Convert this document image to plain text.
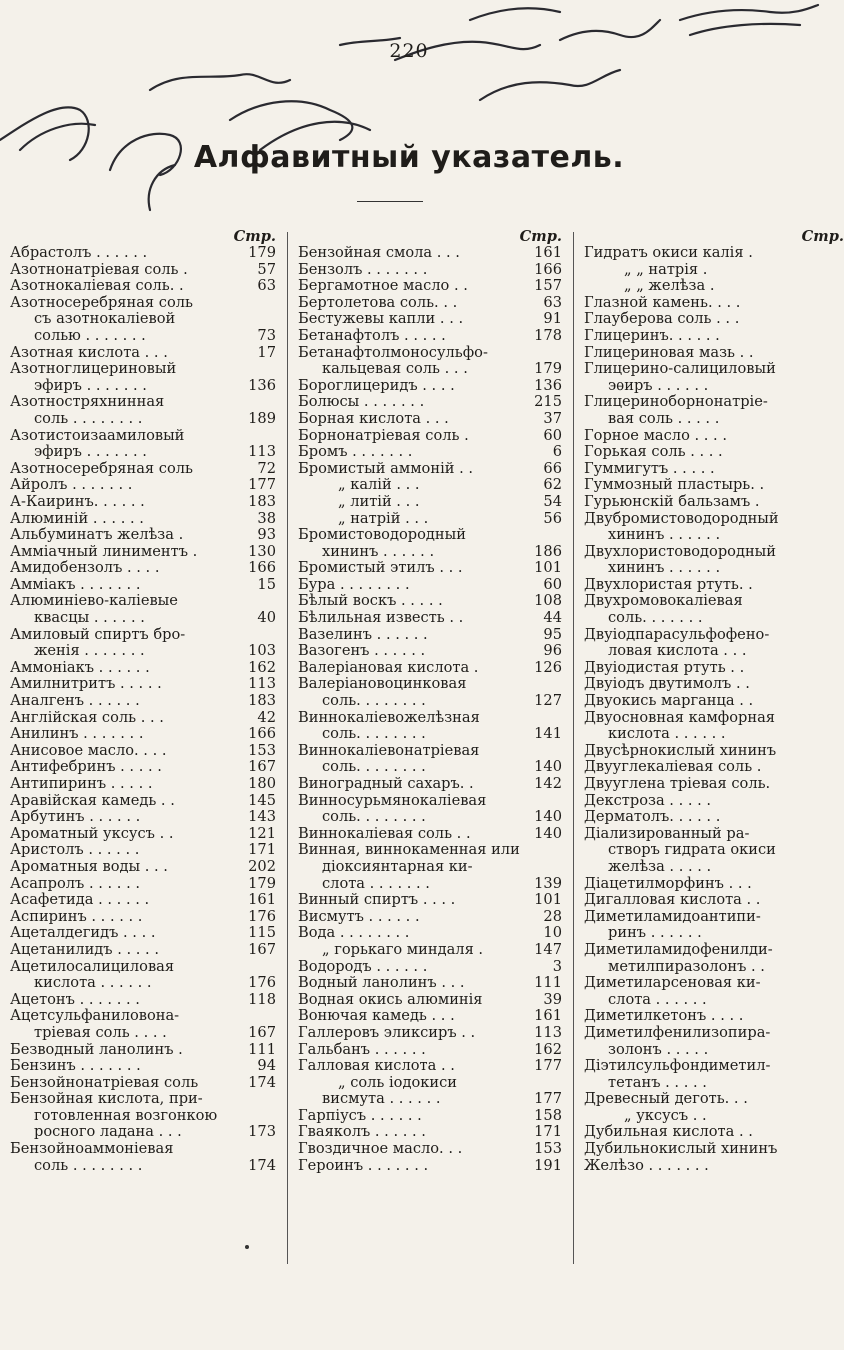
220
Алфавитный указатель.
Стр.
Абрастолъ . . . . . .	179
Азотнонатріевая соль .	57
Азотнокаліевая соль. .	63
Азотносеребряная соль
съ азотнокаліевой
солью . . . . . . .	73
Азотная кислота . . .	17
Азотноглицериновый
эфиръ . . . . . . .	136
Азотностряхнинная
соль . . . . . . . .	189
Азотистоизаамиловый
эфиръ . . . . . . .	113
Азотносеребряная соль	72
Айролъ . . . . . . .	177
А-Каиринъ. . . . . .	183
Алюминій . . . . . .	38
Альбуминатъ желѣза .	93
Амміачный линиментъ .	130
Амидобензолъ . . . .	166
Амміакъ . . . . . . .	15
Алюминіево-каліевые
квасцы . . . . . .	40
Амиловый спиртъ бро-
женія . . . . . . .	103
Аммоніакъ . . . . . .	162
Амилнитритъ . . . . .	113
Аналгенъ . . . . . .	183
Англійская соль . . .	42
Анилинъ . . . . . . .	166
Анисовое масло. . . .	153
Антифебринъ . . . . .	167
Антипиринъ . . . . .	180
Аравійская камедь . .	145
Арбутинъ . . . . . .	143
Ароматный уксусъ . .	121
Аристолъ . . . . . .	171
Ароматныя воды . . .	202
Асапролъ . . . . . .	179
Асафетида . . . . . .	161
Аспиринъ . . . . . .	176
Ацеталдегидъ . . . .	115
Ацетанилидъ . . . . .	167
Ацетилосалициловая
кислота . . . . . .	176
Ацетонъ . . . . . . .	118
Ацетсульфаниловона-
тріевая соль . . . .	167
Безводный ланолинъ .	111
Бензинъ . . . . . . .	94
Бензойнонатріевая соль	174
Бензойная кислота, при-
готовленная возгонкою
росного ладана . . .	173
Бензойноаммоніевая
соль . . . . . . . .	174
Стр.
Бензойная смола . . .	161
Бензолъ . . . . . . .	166
Бергамотное масло . .	157
Бертолетова соль. . .	63
Бестужевы капли . . .	91
Бетанафтолъ . . . . .	178
Бетанафтолмоносульфо-
кальцевая соль . . .	179
Бороглицеридъ . . . .	136
Болюсы . . . . . . .	215
Борная кислота . . .	37
Борнонатріевая соль .	60
Бромъ . . . . . . .	6
Бромистый аммоній . .	66
„ калій . . .	62
„ литій . . .	54
„ натрій . . .	56
Бромистоводородный
хининъ . . . . . .	186
Бромистый этилъ . . .	101
Бура . . . . . . . .	60
Бѣлый воскъ . . . . .	108
Бѣлильная известь . .	44
Вазелинъ . . . . . .	95
Вазогенъ . . . . . .	96
Валеріановая кислота .	126
Валеріановоцинковая
соль. . . . . . . .	127
Виннокаліевожелѣзная
соль. . . . . . . .	141
Виннокаліевонатріевая
соль. . . . . . . .	140
Виноградный сахаръ. .	142
Винносурьмянокаліевая
соль. . . . . . . .	140
Виннокаліевая соль . .	140
Винная, виннокаменная или
діоксиянтарная ки-
слота . . . . . . .	139
Винный спиртъ . . . .	101
Висмутъ . . . . . .	28
Вода . . . . . . . .	10
„ горькаго миндаля .	147
Водородъ . . . . . .	3
Водный ланолинъ . . .	111
Водная окись алюминія	39
Вонючая камедь . . .	161
Галлеровъ эликсиръ . .	113
Гальбанъ . . . . . .	162
Галловая кислота . .	177
„ соль іодокиси
висмута . . . . . .	177
Гарпіусъ . . . . . .	158
Гваяколъ . . . . . .	171
Гвоздичное масло. . .	153
Героинъ . . . . . . .	191
Стр.
Гидратъ окиси калія .
„ „ натрія .
„ „ желѣза .
Глазной камень. . . .
Глауберова соль . . .
Глицеринъ. . . . . .
Глицериновая мазь . .
Глицерино-салициловый
эѳиръ . . . . . .
Глицериноборнонатріе-
вая соль . . . . .
Горное масло . . . .
Горькая соль . . . .
Гуммигутъ . . . . .
Гуммозный пластырь. .
Гурьюнскій бальзамъ .
Двубромистоводородный
хининъ . . . . . .
Двухлористоводородный
хининъ . . . . . .
Двухлористая ртуть. .
Двухромовокаліевая
соль. . . . . . .
Двуіодпарасульфофено-
ловая кислота . . .
Двуіодистая ртуть . .
Двуіодъ двутимолъ . .
Двуокись марганца . .
Двуосновная камфорная
кислота . . . . . .
Двусѣрнокислый хининъ
Двууглекаліевая соль .
Двууглена тріевая соль.
Декстроза . . . . .
Дерматолъ. . . . . .
Діализированный ра-
створъ гидрата окиси
желѣза . . . . .
Діацетилморфинъ . . .
Дигалловая кислота . .
Диметиламидоантипи-
ринъ . . . . . .
Диметиламидофенилди-
метилпиразолонъ . .
Диметиларсеновая ки-
слота . . . . . .
Диметилкетонъ . . . .
Диметилфенилизопира-
золонъ . . . . .
Діэтилсульфондиметил-
тетанъ . . . . .
Древесный деготь. . .
„ уксусъ . .
Дубильная кислота . .
Дубильнокислый хининъ
Желѣзо . . . . . . .
